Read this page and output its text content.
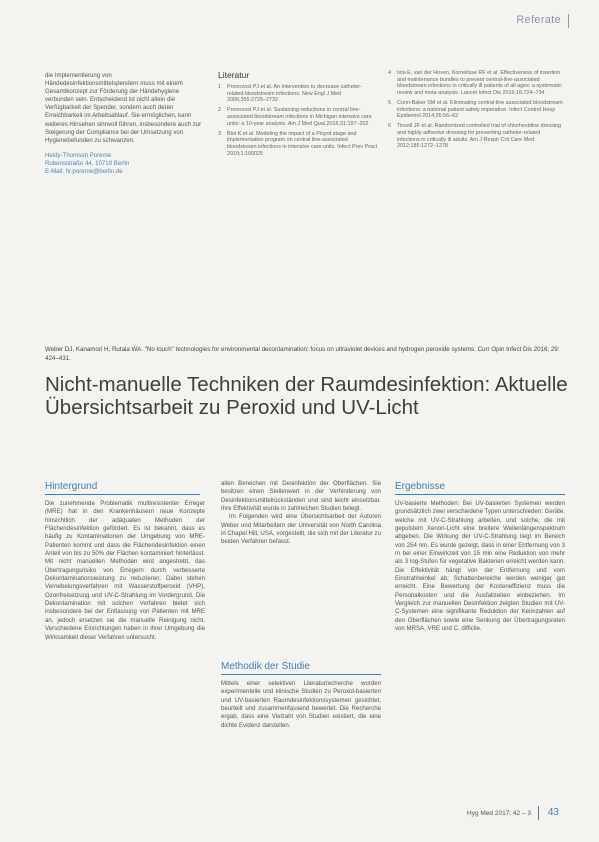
Referate

die Implementierung von Händedesinfektionsmittelspendern muss mit einem Gesamtkonzept zur Förderung der Händehygiene verbunden sein. Entscheidend ist nicht allein die Verfügbarkeit der Spender, sondern auch deren Erreichbarkeit im Arbeitsablauf. Sie ermöglichen, kann weiteres Hinsehen sinnvoll führen, insbesondere auch zur Steigerung der Compliance bei der Umsetzung von Hygienebefunden zu schwanzen.

Heidy-Thomson Poreme
Rubensstraße 44, 10719 Berlin
E-Mail: hr.poreme@berlin.de
Literatur
1 Pronovost PJ et al. An intervention to decrease catheter-related bloodstream infections. New Engl J Med 2006;355:2725–2732
2 Pronovost PJ et al. Sustaining reductions in central line-associated bloodstream infections in Michigan intensive care units: a 10-year analysis. Am J Med Qual 2016;31:197–202
3 Blot K et al. Modeling the impact of a Pisyrd stage and implementation program on central line-associated bloodstream infections in intensive care units. Infect Prev Pract 2019;1:100025
4 Ista E, van der Hoven, Kornelisse RF et al. Effectiveness of insertion and maintenance bundles to prevent central-line-associated bloodstream infections in critically ill patients of all ages: a systematic review and meta-analysis. Lancet Infect Dis 2016;16:724–734
5 Conn-Baker SM et al. Eliminating central-line associated bloodstream infections: a national patient safety imperative. Infect Control Hosp Epidemiol 2014;35:56–62
6 Tinsell JF et al. Randomized controlled trial of chlorhexidine dressing and highly adhesive dressing for preventing catheter-related infections in critically ill adults. Am J Respir Crit Care Med 2012;186:1272–1278
Weber DJ, Kanamori H, Rutala WA. "No touch" technologies for environmental decontamination: focus on ultraviolet devices and hydrogen peroxide systems. Curr Opin Infect Dis 2016; 29: 424–431.
Nicht-manuelle Techniken der Raumdesinfektion: Aktuelle Übersichtsarbeit zu Peroxid und UV-Licht
Hintergrund

Die zunehmende Problematik multiresistenter Erreger (MRE) hat in den Krankenhäusern neue Konzepte hinsichtlich der adäquaten Methoden der Flächendesinfektion gefördert. Es ist bekannt, dass es häufig zu Kontaminationen der Umgebung von MRE-Patienten kommt und dass die Flächendesinfektion einen Anteil von bis zu 50% der Flächen kontaminiert hinterlässt. Mit nicht manuellen Methoden wird angestrebt, das Übertragungsrisiko von Erregern durch verbesserte Dekontaminationsleistung zu reduzieren. Dabei stehen Vernebelungsverfahren mit Wasserstoffperoxid (VHP), Ozonfreisetzung und UV-C-Strahlung im Vordergrund. Die Dekontamination mit solchen Verfahren bietet sich insbesondere bei der Entlassung von Patienten mit MRE an, jedoch ersetzen sie die manuelle Reinigung nicht. Verschiedene Einrichtungen haben in ihrer Umgebung die Wirksamkeit dieser Verfahren untersucht.

allen Bereichen mit Desinfektion der Oberflächen. Sie besitzen einen Stellenwert in der Verhinderung von Desinfektionsmittelrückständen und sind leicht einsetzbar. Ihre Effektivität wurde in zahlreichen Studien belegt.

Im Folgenden wird eine Übersichtsarbeit der Autoren Weber und Mitarbeitern der Universität von North Carolina in Chapel Hill, USA, vorgestellt, die sich mit der Literatur zu beiden Verfahren befasst.

Methodik der Studie

Mittels einer selektiven Literaturrecherche wurden experimentelle und klinische Studien zu Peroxid-basierten und UV-basierten Raumdesinfektionssystemen gesichtet, beurteilt und zusammenfassend bewertet. Die Recherche ergab, dass eine Vielzahl von Studien existiert, die eine dichte Evidenz darstellen.

Ergebnisse

UV-basierte Methoden: Bei UV-basierten Systemen werden grundsätzlich zwei verschiedene Typen unterschieden: Geräte, welche mit UV-C-Strahlung arbeiten, und solche, die mit gepulstem Xenon-Licht eine breitere Wellenlängenspektrum abgeben. Die Wirkung der UV-C-Strahlung liegt im Bereich von 254 nm. Es wurde gezeigt, dass in einer Entfernung von 3 m bei einer Einwirkzeit von 15 min eine Reduktion von mehr als 3 log-Stufen für vegetative Bakterien erreicht werden kann. Die Effektivität hängt von der Entfernung und vom Einstrahlwinkel ab; Schattenbereiche werden weniger gut erreicht. Eine Bewertung der Kosteneffizienz muss die Personalkosten und die Ausfallzeiten einbeziehen. Im Vergleich zur manuellen Desinfektion zeigten Studien mit UV-C-Systemen eine signifikante Reduktion der Keimzahlen auf den Oberflächen sowie eine Senkung der Übertragungsraten von MRSA, VRE und C. difficile.

Hyg Med 2017; 42 – 3 43
